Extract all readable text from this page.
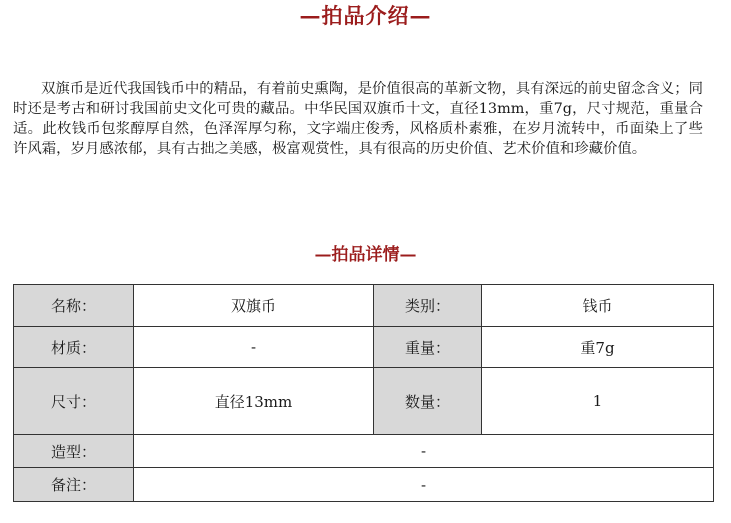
—拍品介绍—

双旗币是近代我国钱币中的精品，有着前史熏陶，是价值很高的革新文物，具有深远的前史留念含义；同时还是考古和研讨我国前史文化可贵的藏品。中华民国双旗币十文，直径13mm，重7g，尺寸规范，重量合适。此枚钱币包浆醇厚自然，色泽浑厚匀称，文字端庄俊秀，风格质朴素雅，在岁月流转中，币面染上了些许风霜，岁月感浓郁，具有古拙之美感，极富观赏性，具有很高的历史价值、艺术价值和珍藏价值。

—拍品详情—
名称：	双旗币	类别：	钱币
材质：	-	重量：	重7g
尺寸：	直径13mm	数量：	1
造型：	-		
备注：	-		
